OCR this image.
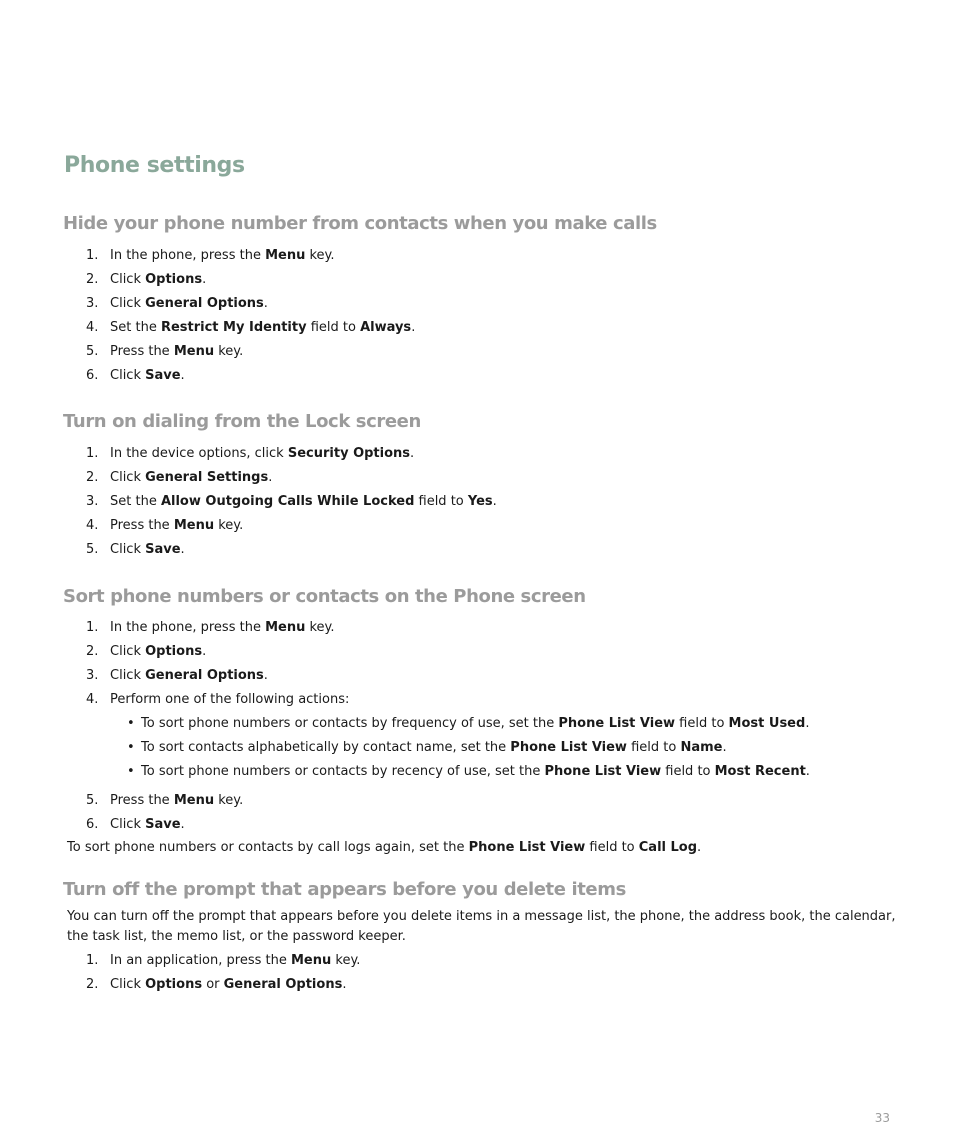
Phone settings
Hide your phone number from contacts when you make calls
1. In the phone, press the Menu key.
2. Click Options.
3. Click General Options.
4. Set the Restrict My Identity field to Always.
5. Press the Menu key.
6. Click Save.
Turn on dialing from the Lock screen
1. In the device options, click Security Options.
2. Click General Settings.
3. Set the Allow Outgoing Calls While Locked field to Yes.
4. Press the Menu key.
5. Click Save.
Sort phone numbers or contacts on the Phone screen
1. In the phone, press the Menu key.
2. Click Options.
3. Click General Options.
4. Perform one of the following actions:
• To sort phone numbers or contacts by frequency of use, set the Phone List View field to Most Used.
• To sort contacts alphabetically by contact name, set the Phone List View field to Name.
• To sort phone numbers or contacts by recency of use, set the Phone List View field to Most Recent.
5. Press the Menu key.
6. Click Save.

To sort phone numbers or contacts by call logs again, set the Phone List View field to Call Log.

Turn off the prompt that appears before you delete items

You can turn off the prompt that appears before you delete items in a message list, the phone, the address book, the calendar, the task list, the memo list, or the password keeper.

1. In an application, press the Menu key.
2. Click Options or General Options.
33
